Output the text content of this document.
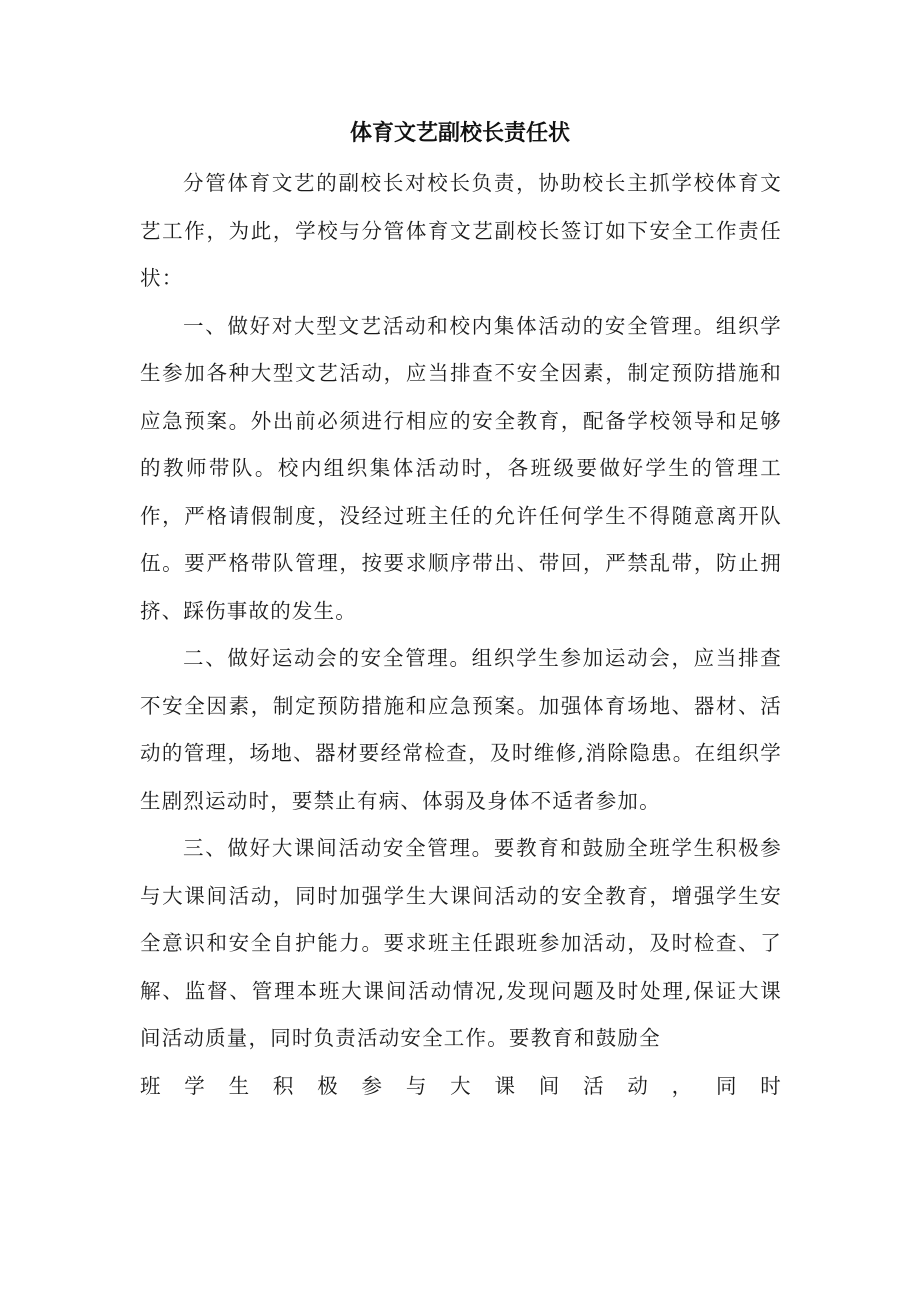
体育文艺副校长责任状

分管体育文艺的副校长对校长负责，协助校长主抓学校体育文艺工作，为此，学校与分管体育文艺副校长签订如下安全工作责任状：

一、做好对大型文艺活动和校内集体活动的安全管理。组织学生参加各种大型文艺活动，应当排查不安全因素，制定预防措施和应急预案。外出前必须进行相应的安全教育，配备学校领导和足够的教师带队。校内组织集体活动时，各班级要做好学生的管理工作，严格请假制度，没经过班主任的允许任何学生不得随意离开队伍。要严格带队管理，按要求顺序带出、带回，严禁乱带，防止拥挤、踩伤事故的发生。

二、做好运动会的安全管理。组织学生参加运动会，应当排查不安全因素，制定预防措施和应急预案。加强体育场地、器材、活动的管理，场地、器材要经常检查，及时维修,消除隐患。在组织学生剧烈运动时，要禁止有病、体弱及身体不适者参加。

三、做好大课间活动安全管理。要教育和鼓励全班学生积极参与大课间活动，同时加强学生大课间活动的安全教育，增强学生安全意识和安全自护能力。要求班主任跟班参加活动，及时检查、了解、监督、管理本班大课间活动情况,发现问题及时处理,保证大课间活动质量，同时负责活动安全工作。要教育和鼓励全

班学生积极参与大课间活动，同时
